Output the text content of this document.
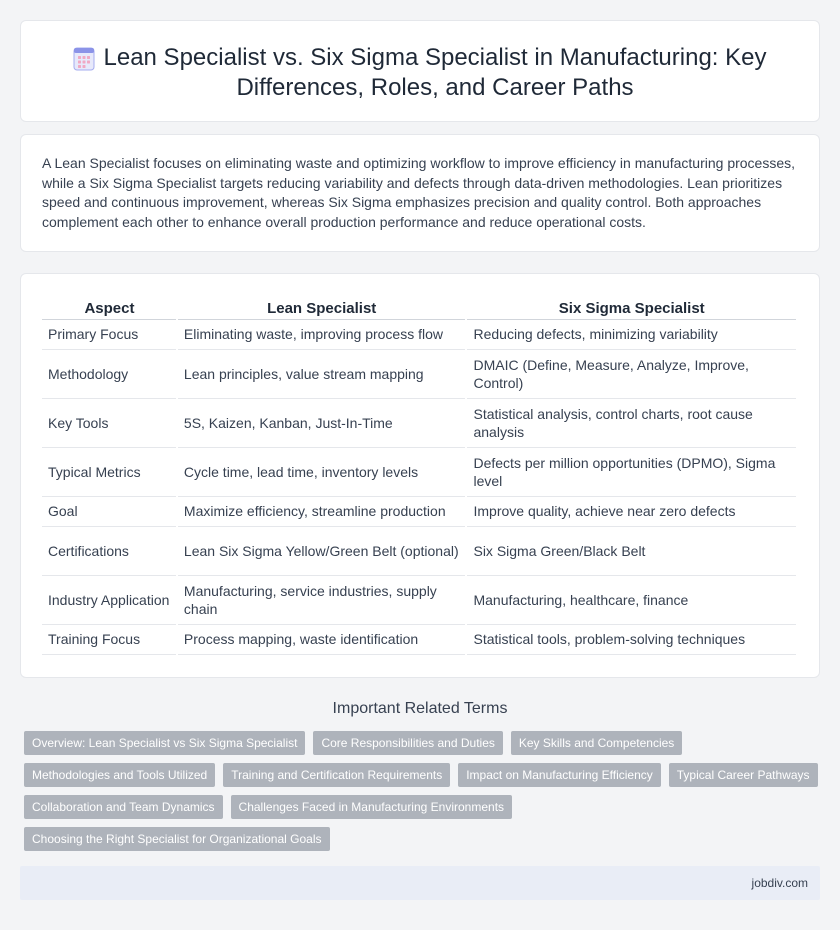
Lean Specialist vs. Six Sigma Specialist in Manufacturing: Key Differences, Roles, and Career Paths

A Lean Specialist focuses on eliminating waste and optimizing workflow to improve efficiency in manufacturing processes, while a Six Sigma Specialist targets reducing variability and defects through data-driven methodologies. Lean prioritizes speed and continuous improvement, whereas Six Sigma emphasizes precision and quality control. Both approaches complement each other to enhance overall production performance and reduce operational costs.

Aspect	Lean Specialist	Six Sigma Specialist
Primary Focus	Eliminating waste, improving process flow	Reducing defects, minimizing variability
Methodology	Lean principles, value stream mapping	DMAIC (Define, Measure, Analyze, Improve, Control)
Key Tools	5S, Kaizen, Kanban, Just-In-Time	Statistical analysis, control charts, root cause analysis
Typical Metrics	Cycle time, lead time, inventory levels	Defects per million opportunities (DPMO), Sigma level
Goal	Maximize efficiency, streamline production	Improve quality, achieve near zero defects
Certifications	Lean Six Sigma Yellow/Green Belt (optional)	Six Sigma Green/Black Belt
Industry Application	Manufacturing, service industries, supply chain	Manufacturing, healthcare, finance
Training Focus	Process mapping, waste identification	Statistical tools, problem-solving techniques
Important Related Terms
Overview: Lean Specialist vs Six Sigma Specialist	Core Responsibilities and Duties	Key Skills and Competencies
Methodologies and Tools Utilized	Training and Certification Requirements	Impact on Manufacturing Efficiency	Typical Career Pathways
Collaboration and Team Dynamics	Challenges Faced in Manufacturing Environments
Choosing the Right Specialist for Organizational Goals
jobdiv.com
